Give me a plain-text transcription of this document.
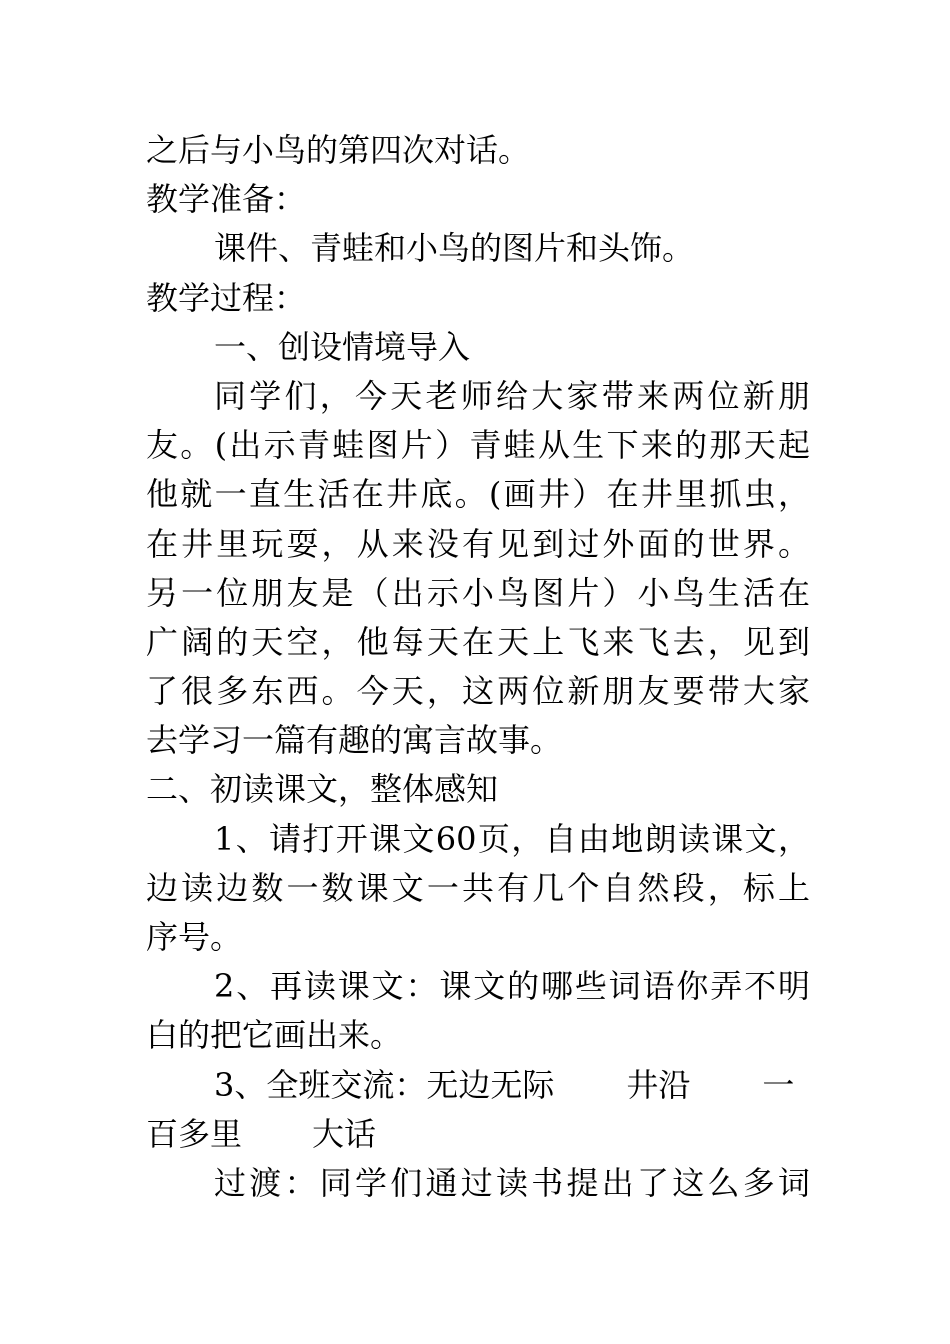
之后与小鸟的第四次对话。
教学准备：
课件、青蛙和小鸟的图片和头饰。
教学过程：
一、创设情境导入
同学们，今天老师给大家带来两位新朋
友。(出示青蛙图片）青蛙从生下来的那天起
他就一直生活在井底。(画井）在井里抓虫，
在井里玩耍，从来没有见到过外面的世界。
另一位朋友是（出示小鸟图片）小鸟生活在
广阔的天空，他每天在天上飞来飞去，见到
了很多东西。今天，这两位新朋友要带大家
去学习一篇有趣的寓言故事。
二、初读课文，整体感知
1、请打开课文60页，自由地朗读课文，
边读边数一数课文一共有几个自然段，标上
序号。
2、再读课文：课文的哪些词语你弄不明
白的把它画出来。
3、全班交流：无边无际 井沿 一
百多里 大话
过渡：同学们通过读书提出了这么多词
